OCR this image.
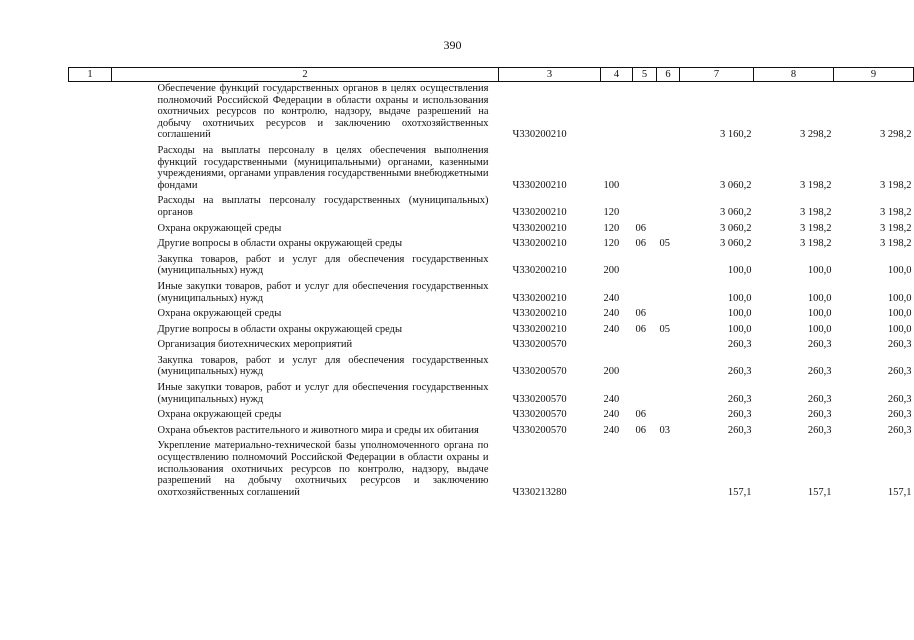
390
1	2	3	4	5	6	7	8	9
	Обеспечение функций государственных органов в целях осуществления полномочий Российской Федерации в области охраны и использования охотничьих ресурсов по контролю, надзору, выдаче разрешений на добычу охотничьих ресурсов и заключению охотхозяйственных соглашений	Ч330200210				3 160,2	3 298,2	3 298,2
	Расходы на выплаты персоналу в целях обеспечения выполнения функций государственными (муниципальными) органами, казенными учреждениями, органами управления государственными внебюджетными фондами	Ч330200210	100			3 060,2	3 198,2	3 198,2
	Расходы на выплаты персоналу государственных (муниципальных) органов	Ч330200210	120			3 060,2	3 198,2	3 198,2
	Охрана окружающей среды	Ч330200210	120	06		3 060,2	3 198,2	3 198,2
	Другие вопросы в области охраны окружающей среды	Ч330200210	120	06	05	3 060,2	3 198,2	3 198,2
	Закупка товаров, работ и услуг для обеспечения государственных (муниципальных) нужд	Ч330200210	200			100,0	100,0	100,0
	Иные закупки товаров, работ и услуг для обеспечения государственных (муниципальных) нужд	Ч330200210	240			100,0	100,0	100,0
	Охрана окружающей среды	Ч330200210	240	06		100,0	100,0	100,0
	Другие вопросы в области охраны окружающей среды	Ч330200210	240	06	05	100,0	100,0	100,0
	Организация биотехнических мероприятий	Ч330200570				260,3	260,3	260,3
	Закупка товаров, работ и услуг для обеспечения государственных (муниципальных) нужд	Ч330200570	200			260,3	260,3	260,3
	Иные закупки товаров, работ и услуг для обеспечения государственных (муниципальных) нужд	Ч330200570	240			260,3	260,3	260,3
	Охрана окружающей среды	Ч330200570	240	06		260,3	260,3	260,3
	Охрана объектов растительного и животного мира и среды их обитания	Ч330200570	240	06	03	260,3	260,3	260,3
	Укрепление материально-технической базы уполномоченного органа по осуществлению полномочий Российской Федерации в области охраны и использования охотничьих ресурсов по контролю, надзору, выдаче разрешений на добычу охотничьих ресурсов и заключению охотхозяйственных соглашений	Ч330213280				157,1	157,1	157,1
